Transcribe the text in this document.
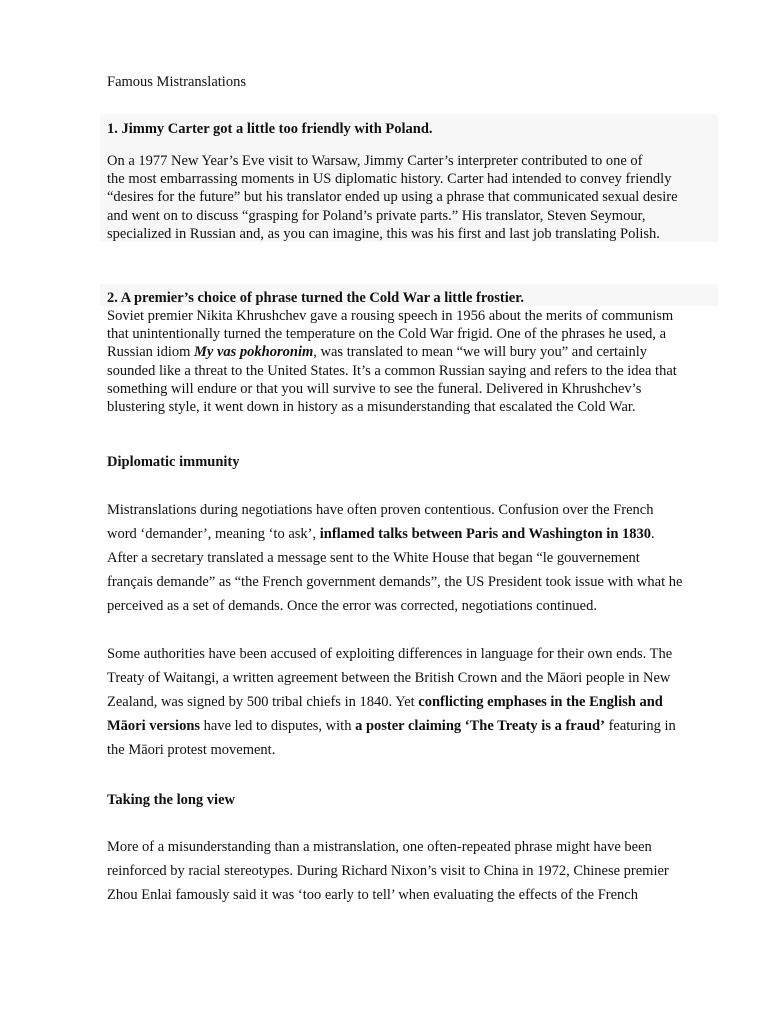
Famous Mistranslations
1. Jimmy Carter got a little too friendly with Poland.
On a 1977 New Year’s Eve visit to Warsaw, Jimmy Carter’s interpreter contributed to one of
the most embarrassing moments in US diplomatic history. Carter had intended to convey friendly
“desires for the future” but his translator ended up using a phrase that communicated sexual desire
and went on to discuss “grasping for Poland’s private parts.” His translator, Steven Seymour,
specialized in Russian and, as you can imagine, this was his first and last job translating Polish.
2. A premier’s choice of phrase turned the Cold War a little frostier.
Soviet premier Nikita Khrushchev gave a rousing speech in 1956 about the merits of communism
that unintentionally turned the temperature on the Cold War frigid. One of the phrases he used, a
Russian idiom My vas pokhoronim, was translated to mean “we will bury you” and certainly
sounded like a threat to the United States. It’s a common Russian saying and refers to the idea that
something will endure or that you will survive to see the funeral. Delivered in Khrushchev’s
blustering style, it went down in history as a misunderstanding that escalated the Cold War.
Diplomatic immunity
Mistranslations during negotiations have often proven contentious. Confusion over the French
word ‘demander’, meaning ‘to ask’, inflamed talks between Paris and Washington in 1830.
After a secretary translated a message sent to the White House that began “le gouvernement
français demande” as “the French government demands”, the US President took issue with what he
perceived as a set of demands. Once the error was corrected, negotiations continued.
Some authorities have been accused of exploiting differences in language for their own ends. The
Treaty of Waitangi, a written agreement between the British Crown and the Māori people in New
Zealand, was signed by 500 tribal chiefs in 1840. Yet conflicting emphases in the English and
Māori versions have led to disputes, with a poster claiming ‘The Treaty is a fraud’ featuring in
the Māori protest movement.
Taking the long view
More of a misunderstanding than a mistranslation, one often-repeated phrase might have been
reinforced by racial stereotypes. During Richard Nixon’s visit to China in 1972, Chinese premier
Zhou Enlai famously said it was ‘too early to tell’ when evaluating the effects of the French
